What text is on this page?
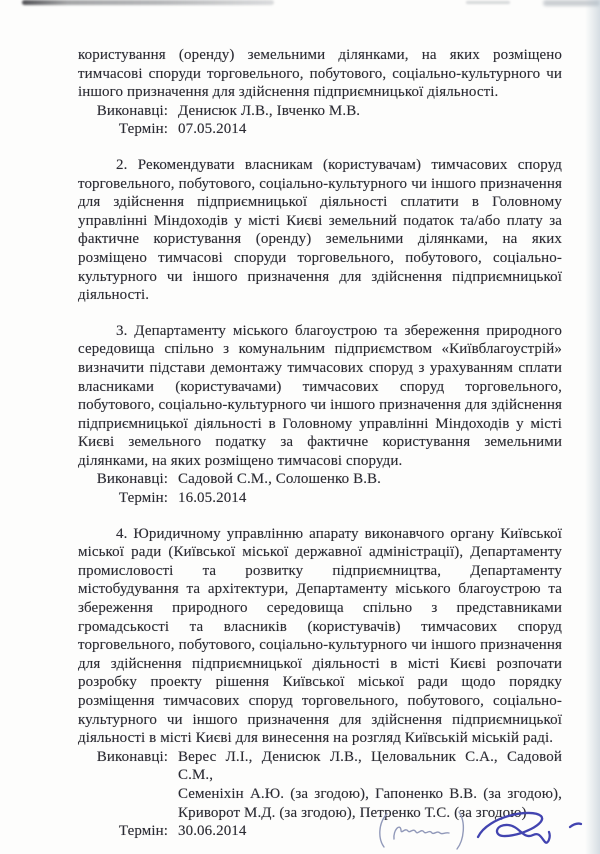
користування (оренду) земельними ділянками, на яких розміщено тимчасові споруди торговельного, побутового, соціально-культурного чи іншого призначення для здійснення підприємницької діяльності.

Виконавці: Денисюк Л.В., Івченко М.В.
Термін: 07.05.2014

2. Рекомендувати власникам (користувачам) тимчасових споруд торговельного, побутового, соціально-культурного чи іншого призначення для здійснення підприємницької діяльності сплатити в Головному управлінні Міндоходів у місті Києві земельний податок та/або плату за фактичне користування (оренду) земельними ділянками, на яких розміщено тимчасові споруди торговельного, побутового, соціально-культурного чи іншого призначення для здійснення підприємницької діяльності.

3. Департаменту міського благоустрою та збереження природного середовища спільно з комунальним підприємством «Київблагоустрій» визначити підстави демонтажу тимчасових споруд з урахуванням сплати власниками (користувачами) тимчасових споруд торговельного, побутового, соціально-культурного чи іншого призначення для здійснення підприємницької діяльності в Головному управлінні Міндоходів у місті Києві земельного податку за фактичне користування земельними ділянками, на яких розміщено тимчасові споруди.

Виконавці: Садовой С.М., Солошенко В.В.
Термін: 16.05.2014

4. Юридичному управлінню апарату виконавчого органу Київської міської ради (Київської міської державної адміністрації), Департаменту промисловості та розвитку підприємництва, Департаменту містобудування та архітектури, Департаменту міського благоустрою та збереження природного середовища спільно з представниками громадськості та власників (користувачів) тимчасових споруд торговельного, побутового, соціально-культурного чи іншого призначення для здійснення підприємницької діяльності в місті Києві розпочати розробку проекту рішення Київської міської ради щодо порядку розміщення тимчасових споруд торговельного, побутового, соціально-культурного чи іншого призначення для здійснення підприємницької діяльності в місті Києві для винесення на розгляд Київській міській раді.

Виконавці: Верес Л.І., Денисюк Л.В., Целовальник С.А., Садовой С.М.,
Семеніхін А.Ю. (за згодою), Гапоненко В.В. (за згодою),
Криворот М.Д. (за згодою), Петренко Т.С. (за згодою)
Термін: 30.06.2014
